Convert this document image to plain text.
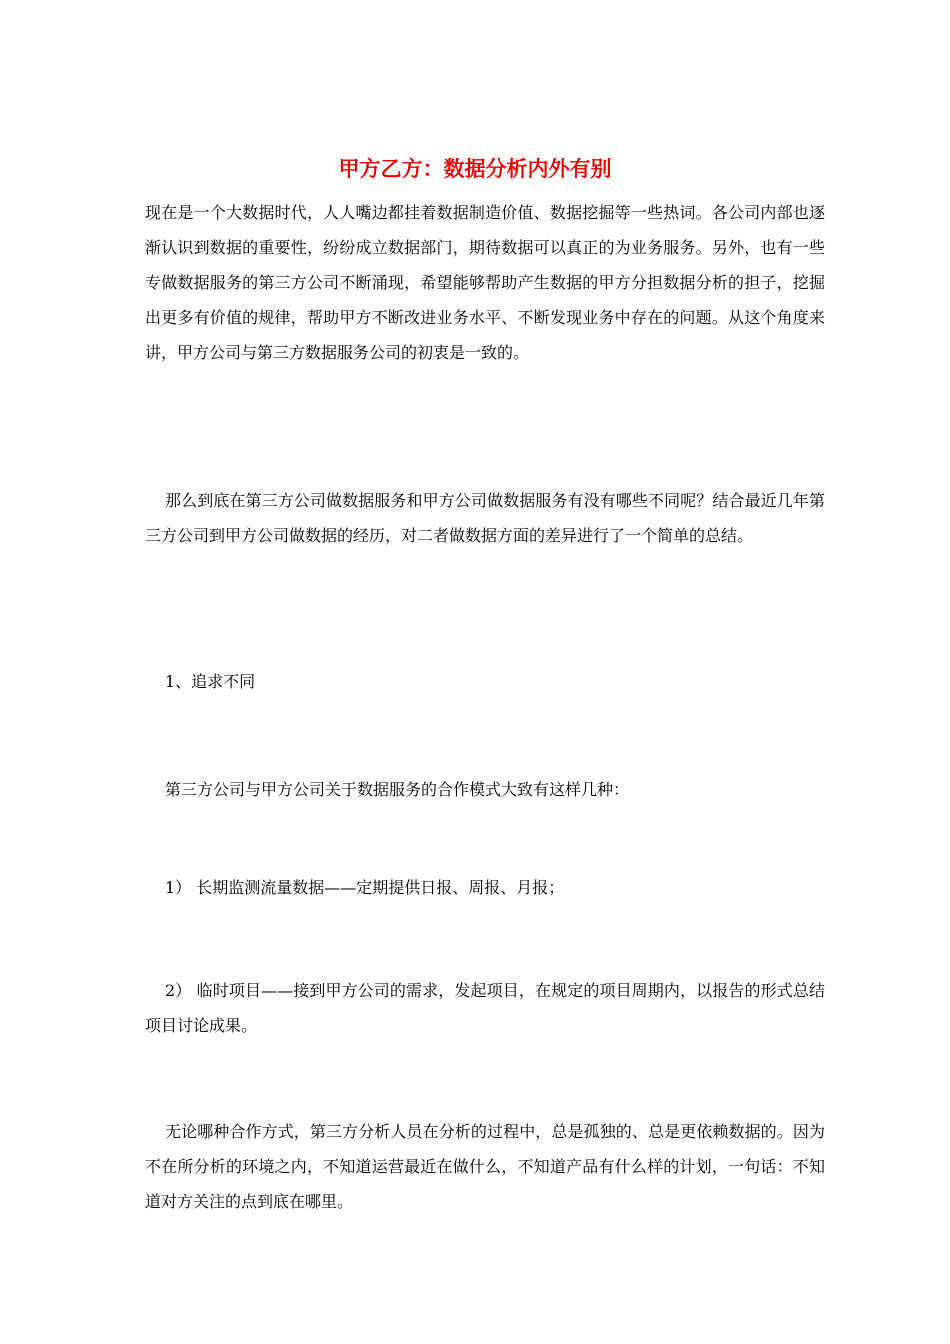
甲方乙方：数据分析内外有别

现在是一个大数据时代，人人嘴边都挂着数据制造价值、数据挖掘等一些热词。各公司内部也逐渐认识到数据的重要性，纷纷成立数据部门，期待数据可以真正的为业务服务。另外，也有一些专做数据服务的第三方公司不断涌现，希望能够帮助产生数据的甲方分担数据分析的担子，挖掘出更多有价值的规律，帮助甲方不断改进业务水平、不断发现业务中存在的问题。从这个角度来讲，甲方公司与第三方数据服务公司的初衷是一致的。

那么到底在第三方公司做数据服务和甲方公司做数据服务有没有哪些不同呢？结合最近几年第三方公司到甲方公司做数据的经历，对二者做数据方面的差异进行了一个简单的总结。

1、追求不同

第三方公司与甲方公司关于数据服务的合作模式大致有这样几种：

1） 长期监测流量数据——定期提供日报、周报、月报；

2） 临时项目——接到甲方公司的需求，发起项目，在规定的项目周期内，以报告的形式总结项目讨论成果。

无论哪种合作方式，第三方分析人员在分析的过程中，总是孤独的、总是更依赖数据的。因为不在所分析的环境之内，不知道运营最近在做什么，不知道产品有什么样的计划，一句话：不知道对方关注的点到底在哪里。
